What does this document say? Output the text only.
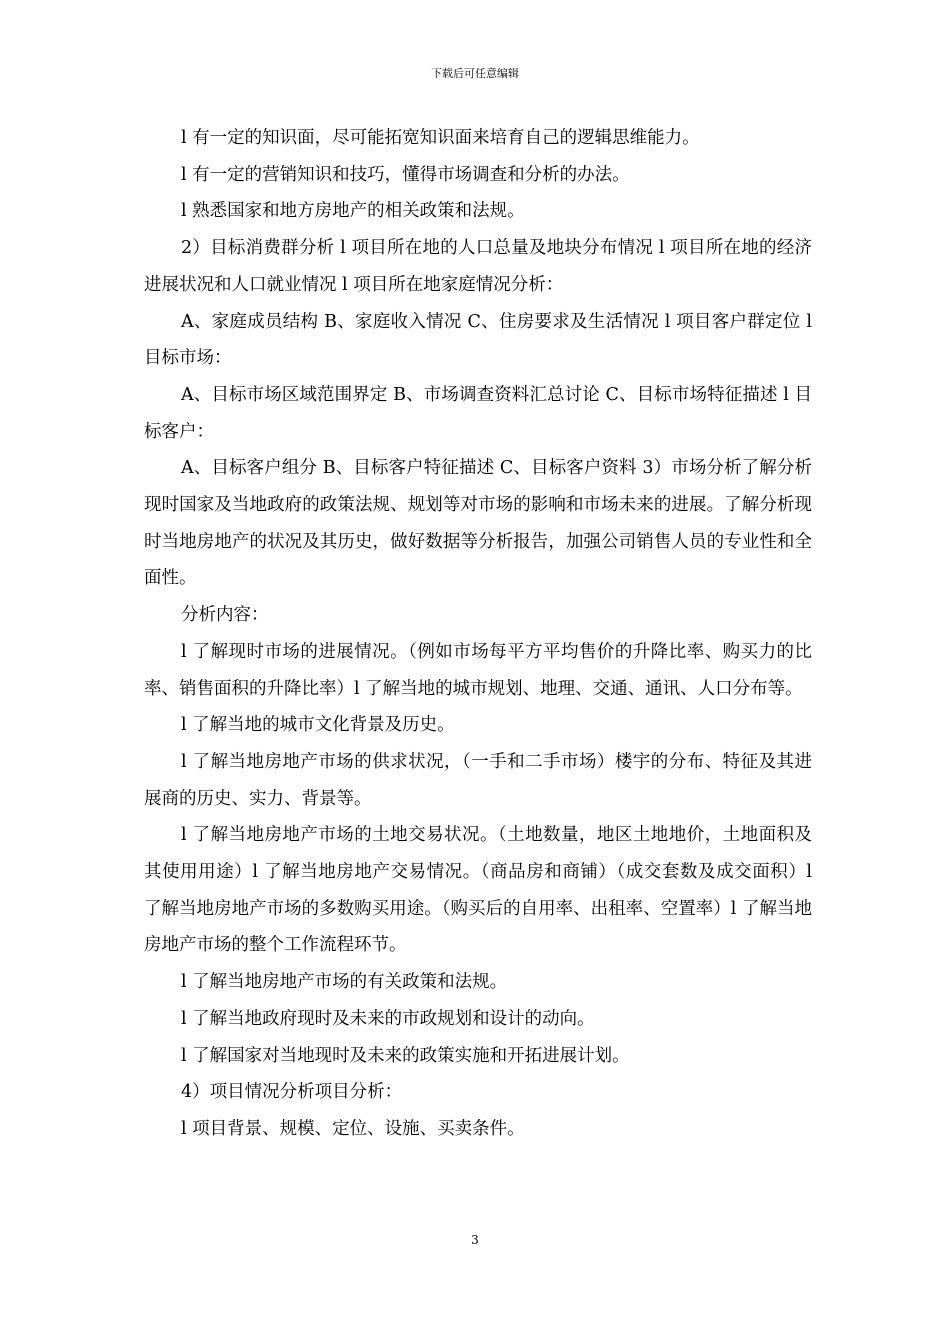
下载后可任意编辑

l 有一定的知识面，尽可能拓宽知识面来培育自己的逻辑思维能力。

l 有一定的营销知识和技巧，懂得市场调查和分析的办法。

l 熟悉国家和地方房地产的相关政策和法规。

2）目标消费群分析 l 项目所在地的人口总量及地块分布情况 l 项目所在地的经济进展状况和人口就业情况 l 项目所在地家庭情况分析：

A、家庭成员结构 B、家庭收入情况 C、住房要求及生活情况 l 项目客户群定位 l 目标市场：

A、目标市场区域范围界定 B、市场调查资料汇总讨论 C、目标市场特征描述 l 目标客户：

A、目标客户组分 B、目标客户特征描述 C、目标客户资料 3）市场分析了解分析现时国家及当地政府的政策法规、规划等对市场的影响和市场未来的进展。了解分析现时当地房地产的状况及其历史，做好数据等分析报告，加强公司销售人员的专业性和全面性。

分析内容：

l 了解现时市场的进展情况。（例如市场每平方平均售价的升降比率、购买力的比率、销售面积的升降比率）l 了解当地的城市规划、地理、交通、通讯、人口分布等。

l 了解当地的城市文化背景及历史。

l 了解当地房地产市场的供求状况，（一手和二手市场）楼宇的分布、特征及其进展商的历史、实力、背景等。

l 了解当地房地产市场的土地交易状况。（土地数量，地区土地地价，土地面积及其使用用途）l 了解当地房地产交易情况。（商品房和商铺）（成交套数及成交面积）l 了解当地房地产市场的多数购买用途。（购买后的自用率、出租率、空置率）l 了解当地房地产市场的整个工作流程环节。

l 了解当地房地产市场的有关政策和法规。

l 了解当地政府现时及未来的市政规划和设计的动向。

l 了解国家对当地现时及未来的政策实施和开拓进展计划。

4）项目情况分析项目分析：

l 项目背景、规模、定位、设施、买卖条件。

3
